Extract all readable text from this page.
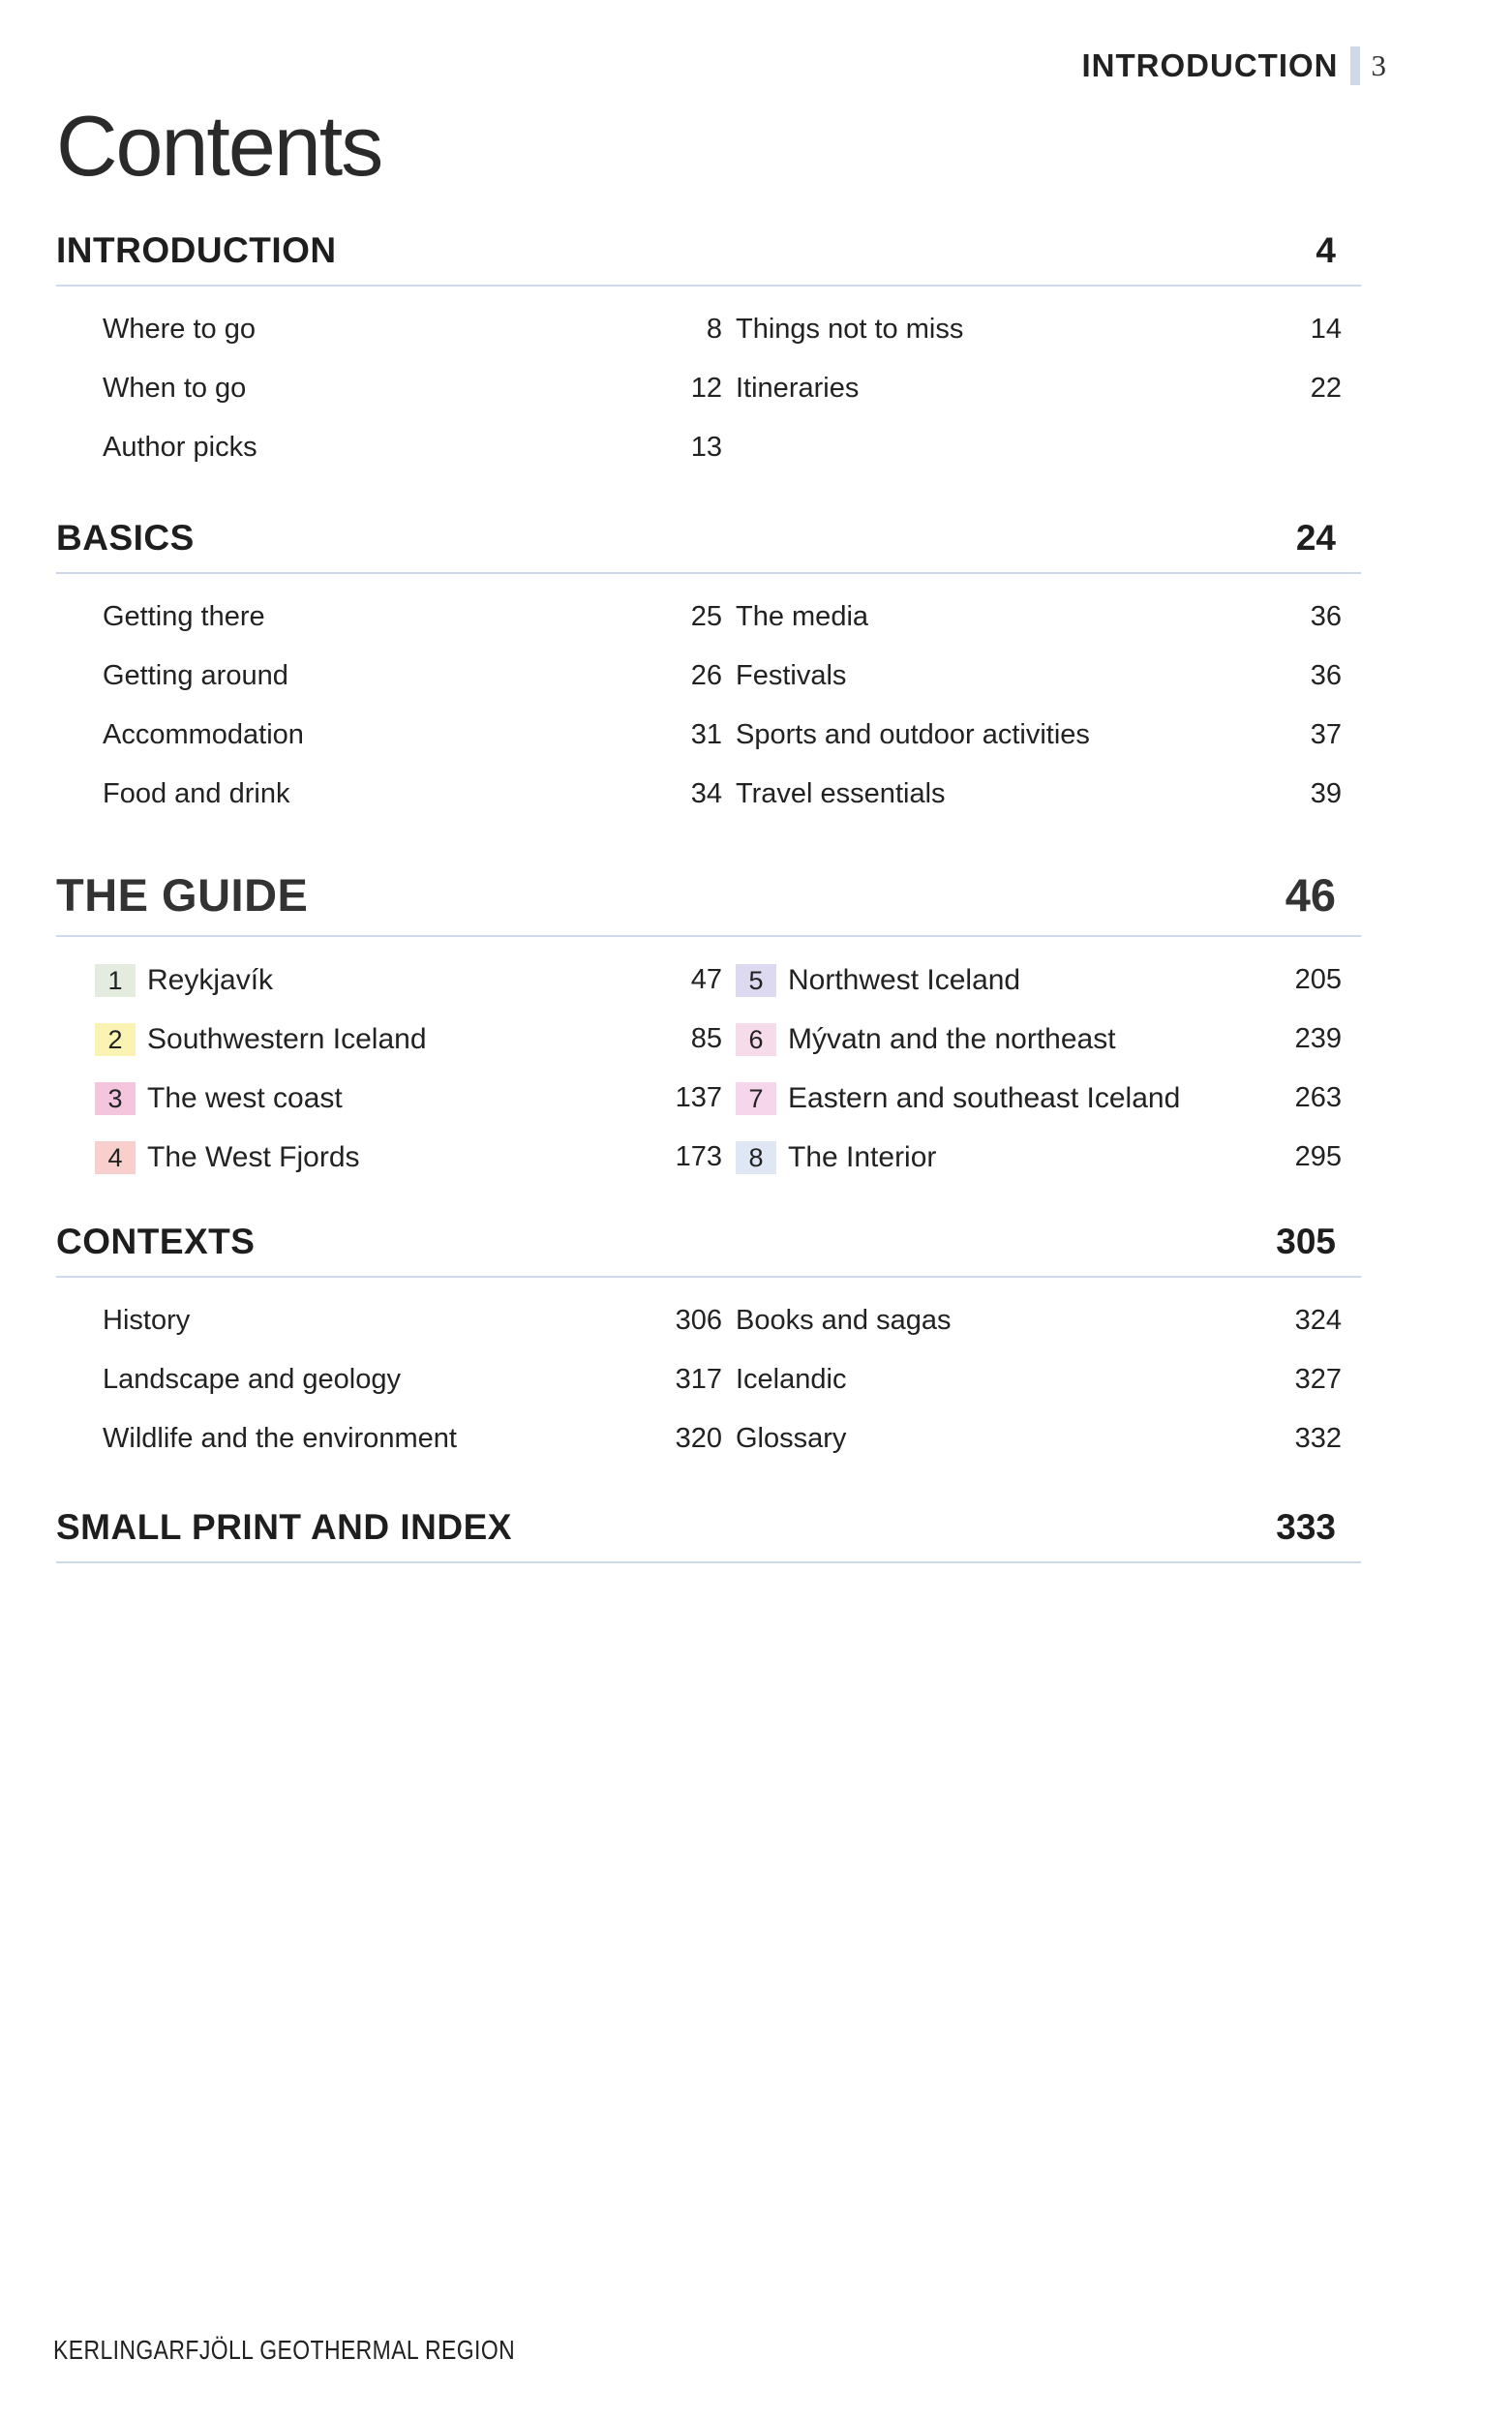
INTRODUCTION 3
Contents
INTRODUCTION	4
Where to go	8
When to go	12
Author picks	13
Things not to miss	14
Itineraries	22
BASICS	24
Getting there	25
Getting around	26
Accommodation	31
Food and drink	34
The media	36
Festivals	36
Sports and outdoor activities	37
Travel essentials	39
THE GUIDE	46
1 Reykjavík	47
2 Southwestern Iceland	85
3 The west coast	137
4 The West Fjords	173
5 Northwest Iceland	205
6 Mývatn and the northeast	239
7 Eastern and southeast Iceland	263
8 The Interior	295
CONTEXTS	305
History	306
Landscape and geology	317
Wildlife and the environment	320
Books and sagas	324
Icelandic	327
Glossary	332
SMALL PRINT AND INDEX	333
KERLINGARFJÖLL GEOTHERMAL REGION
